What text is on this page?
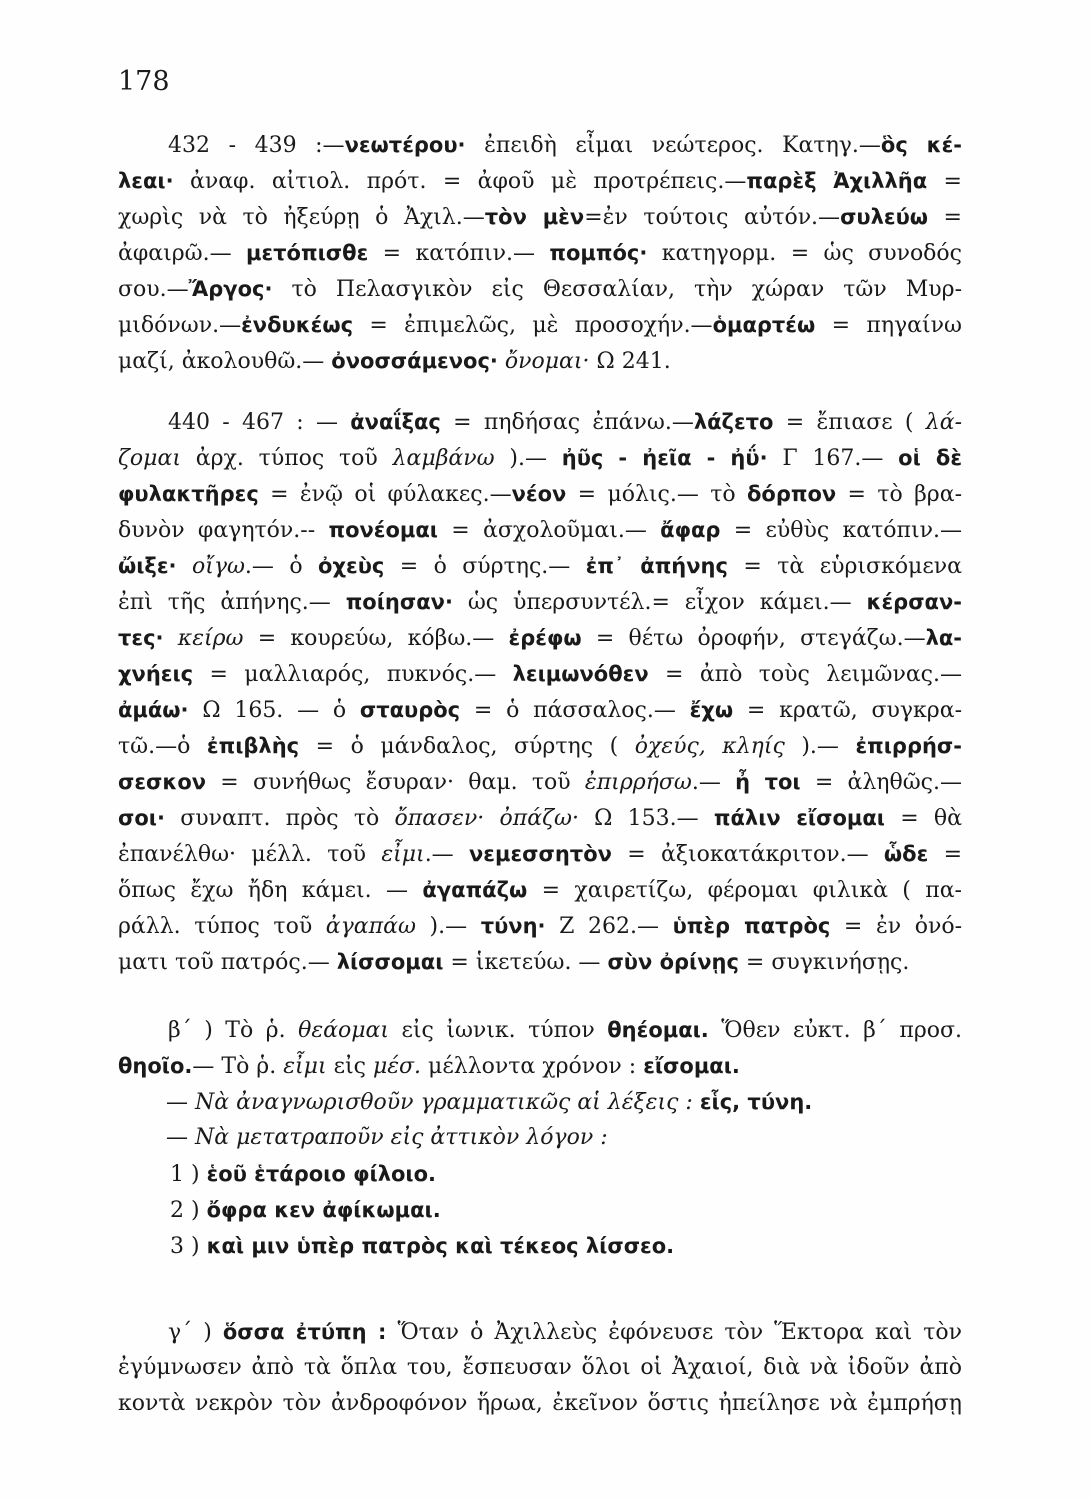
178
432 - 439 :—νεωτέρου· ἐπειδὴ εἶμαι νεώτερος. Κατηγ.—ὃς κέ-
λεαι· ἀναφ. αἰτιολ. πρότ. = ἀφοῦ μὲ προτρέπεις.—παρὲξ Ἀχιλλῆα =
χωρὶς νὰ τὸ ἠξεύρῃ ὁ Ἀχιλ.—τὸν μὲν=ἐν τούτοις αὐτόν.—συλεύω =
ἀφαιρῶ.— μετόπισθε = κατόπιν.— πομπός· κατηγορμ. = ὡς συνοδός
σου.—Ἄργος· τὸ Πελασγικὸν εἰς Θεσσαλίαν, τὴν χώραν τῶν Μυρ-
μιδόνων.—ἐνδυκέως = ἐπιμελῶς, μὲ προσοχήν.—ὁμαρτέω = πηγαίνω
μαζί, ἀκολουθῶ.— ὀνοσσάμενος· ὄνομαι· Ω 241.
440 - 467 : — ἀναΐξας = πηδήσας ἐπάνω.—λάζετο = ἔπιασε ( λά-
ζομαι ἀρχ. τύπος τοῦ λαμβάνω ).— ἠῦς - ἠεῖα - ἠΰ· Γ 167.— οἱ δὲ
φυλακτῆρες = ἐνῷ οἱ φύλακες.—νέον = μόλις.— τὸ δόρπον = τὸ βρα-
δυνὸν φαγητόν.-- πονέομαι = ἀσχολοῦμαι.— ἄφαρ = εὐθὺς κατόπιν.—
ὤιξε· οἴγω.— ὁ ὀχεὺς = ὁ σύρτης.— ἐπ᾽ ἀπήνης = τὰ εὑρισκόμενα
ἐπὶ τῆς ἀπήνης.— ποίησαν· ὡς ὑπερσυντέλ.= εἶχον κάμει.— κέρσαν-
τες· κείρω = κουρεύω, κόβω.— ἐρέφω = θέτω ὀροφήν, στεγάζω.—λα-
χνήεις = μαλλιαρός, πυκνός.— λειμωνόθεν = ἀπὸ τοὺς λειμῶνας.—
ἀμάω· Ω 165. — ὁ σταυρὸς = ὁ πάσσαλος.— ἔχω = κρατῶ, συγκρα-
τῶ.—ὁ ἐπιβλὴς = ὁ μάνδαλος, σύρτης ( ὀχεύς, κληίς ).— ἐπιρρήσ-
σεσκον = συνήθως ἔσυραν· θαμ. τοῦ ἐπιρρήσω.— ἦ τοι = ἀληθῶς.—
σοι· συναπτ. πρὸς τὸ ὄπασεν· ὀπάζω· Ω 153.— πάλιν εἴσομαι = θὰ
ἐπανέλθω· μέλλ. τοῦ εἶμι.— νεμεσσητὸν = ἀξιοκατάκριτον.— ὧδε =
ὅπως ἔχω ἤδη κάμει. — ἀγαπάζω = χαιρετίζω, φέρομαι φιλικὰ ( πα-
ράλλ. τύπος τοῦ ἀγαπάω ).— τύνη· Ζ 262.— ὑπὲρ πατρὸς = ἐν ὀνό-
ματι τοῦ πατρός.— λίσσομαι = ἱκετεύω. — σὺν ὀρίνῃς = συγκινήσῃς.
β΄ ) Τὸ ῥ. θεάομαι εἰς ἰωνικ. τύπον θηέομαι. Ὅθεν εὐκτ. β΄ προσ.
θηοῖο.— Τὸ ῥ. εἶμι εἰς μέσ. μέλλοντα χρόνον : εἴσομαι.
— Νὰ ἀναγνωρισθοῦν γραμματικῶς αἱ λέξεις : εἷς, τύνη.
— Νὰ μετατραποῦν εἰς ἀττικὸν λόγον :
1 ) ἑοῦ ἑτάροιο φίλοιο.
2 ) ὄφρα κεν ἀφίκωμαι.
3 ) καὶ μιν ὑπὲρ πατρὸς καὶ τέκεος λίσσεο.
γ΄ ) ὅσσα ἐτύπη : Ὅταν ὁ Ἀχιλλεὺς ἐφόνευσε τὸν Ἕκτορα καὶ τὸν
ἐγύμνωσεν ἀπὸ τὰ ὅπλα του, ἔσπευσαν ὅλοι οἱ Ἀχαιοί, διὰ νὰ ἰδοῦν ἀπὸ
κοντὰ νεκρὸν τὸν ἀνδροφόνον ἥρωα, ἐκεῖνον ὅστις ἠπείλησε νὰ ἐμπρήσῃ
